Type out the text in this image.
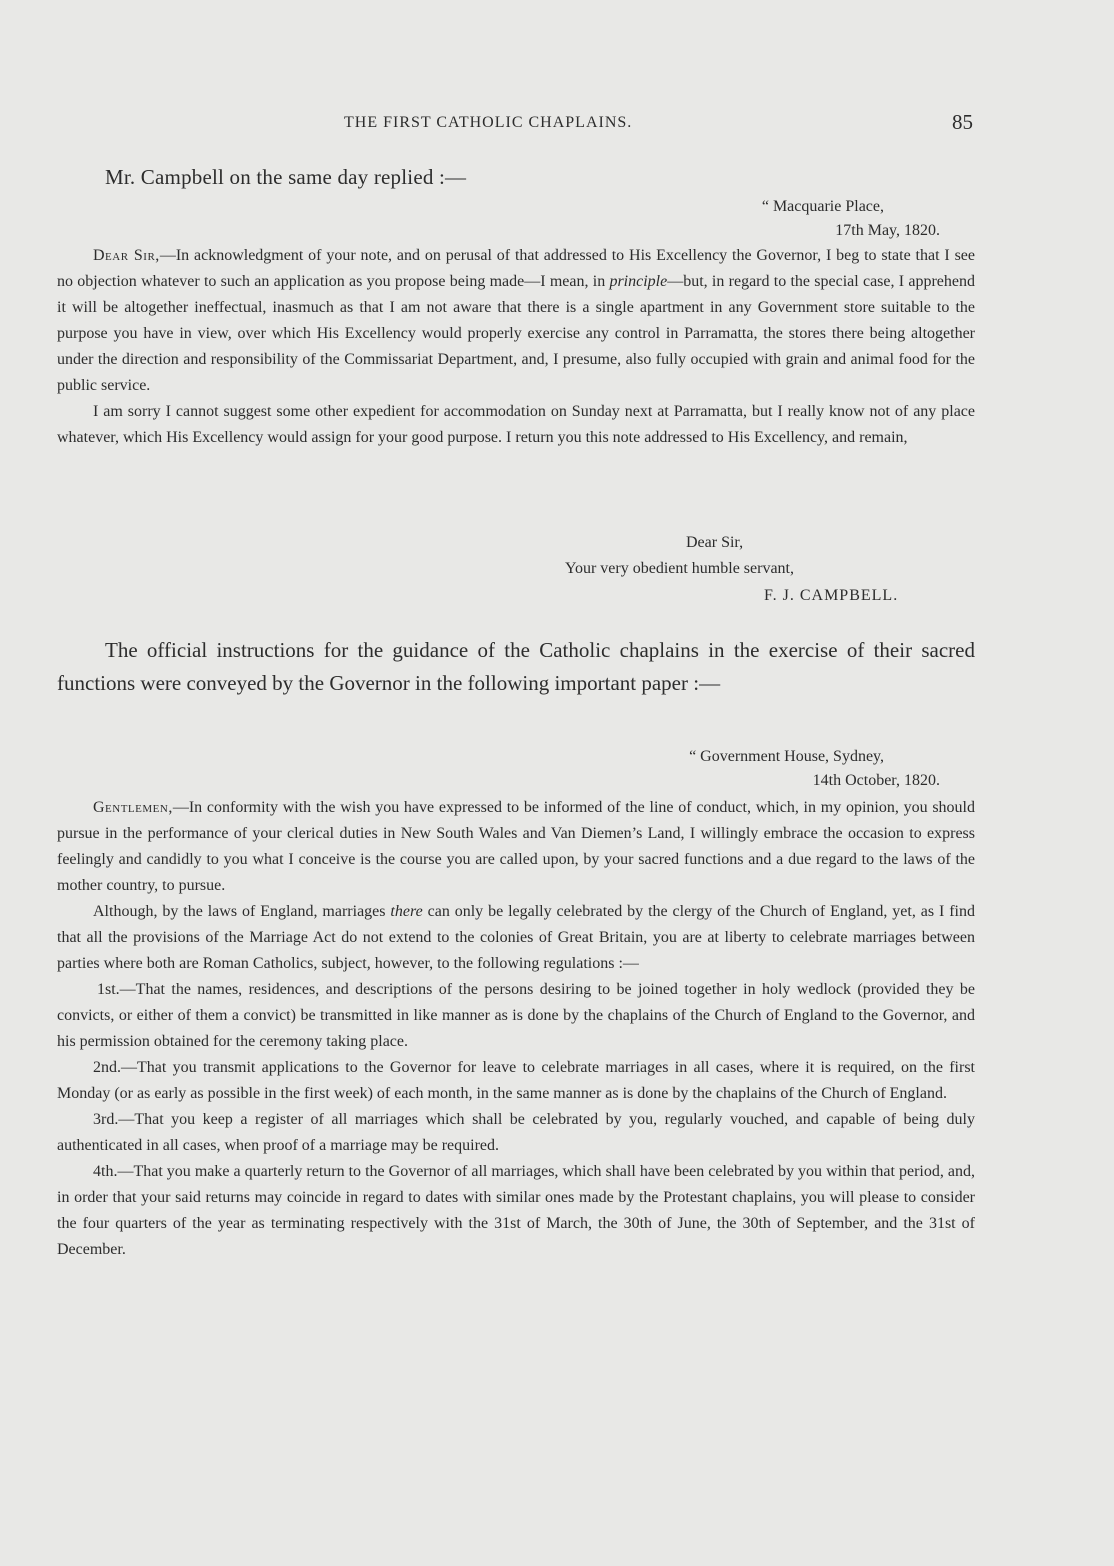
THE FIRST CATHOLIC CHAPLAINS.	85
Mr. Campbell on the same day replied :—
“ Macquarie Place,
17th May, 1820.

Dear Sir,—In acknowledgment of your note, and on perusal of that addressed to His Excellency the Governor, I beg to state that I see no objection whatever to such an application as you propose being made—I mean, in principle—but, in regard to the special case, I apprehend it will be altogether ineffectual, inasmuch as that I am not aware that there is a single apartment in any Government store suitable to the purpose you have in view, over which His Excellency would properly exercise any control in Parramatta, the stores there being altogether under the direction and responsibility of the Commissariat Department, and, I presume, also fully occupied with grain and animal food for the public service.

I am sorry I cannot suggest some other expedient for accommodation on Sunday next at Parramatta, but I really know not of any place whatever, which His Excellency would assign for your good purpose. I return you this note addressed to His Excellency, and remain,

Dear Sir,
Your very obedient humble servant,
F. J. CAMPBELL.

The official instructions for the guidance of the Catholic chaplains in the exercise of their sacred functions were conveyed by the Governor in the following important paper :—

“ Government House, Sydney,
14th October, 1820.

Gentlemen,—In conformity with the wish you have expressed to be informed of the line of conduct, which, in my opinion, you should pursue in the performance of your clerical duties in New South Wales and Van Diemen’s Land, I willingly embrace the occasion to express feelingly and candidly to you what I conceive is the course you are called upon, by your sacred functions and a due regard to the laws of the mother country, to pursue.

Although, by the laws of England, marriages there can only be legally celebrated by the clergy of the Church of England, yet, as I find that all the provisions of the Marriage Act do not extend to the colonies of Great Britain, you are at liberty to celebrate marriages between parties where both are Roman Catholics, subject, however, to the following regulations :—

1st.—That the names, residences, and descriptions of the persons desiring to be joined together in holy wedlock (provided they be convicts, or either of them a convict) be transmitted in like manner as is done by the chaplains of the Church of England to the Governor, and his permission obtained for the ceremony taking place.

2nd.—That you transmit applications to the Governor for leave to celebrate marriages in all cases, where it is required, on the first Monday (or as early as possible in the first week) of each month, in the same manner as is done by the chaplains of the Church of England.

3rd.—That you keep a register of all marriages which shall be celebrated by you, regularly vouched, and capable of being duly authenticated in all cases, when proof of a marriage may be required.

4th.—That you make a quarterly return to the Governor of all marriages, which shall have been celebrated by you within that period, and, in order that your said returns may coincide in regard to dates with similar ones made by the Protestant chaplains, you will please to consider the four quarters of the year as terminating respectively with the 31st of March, the 30th of June, the 30th of September, and the 31st of December.
